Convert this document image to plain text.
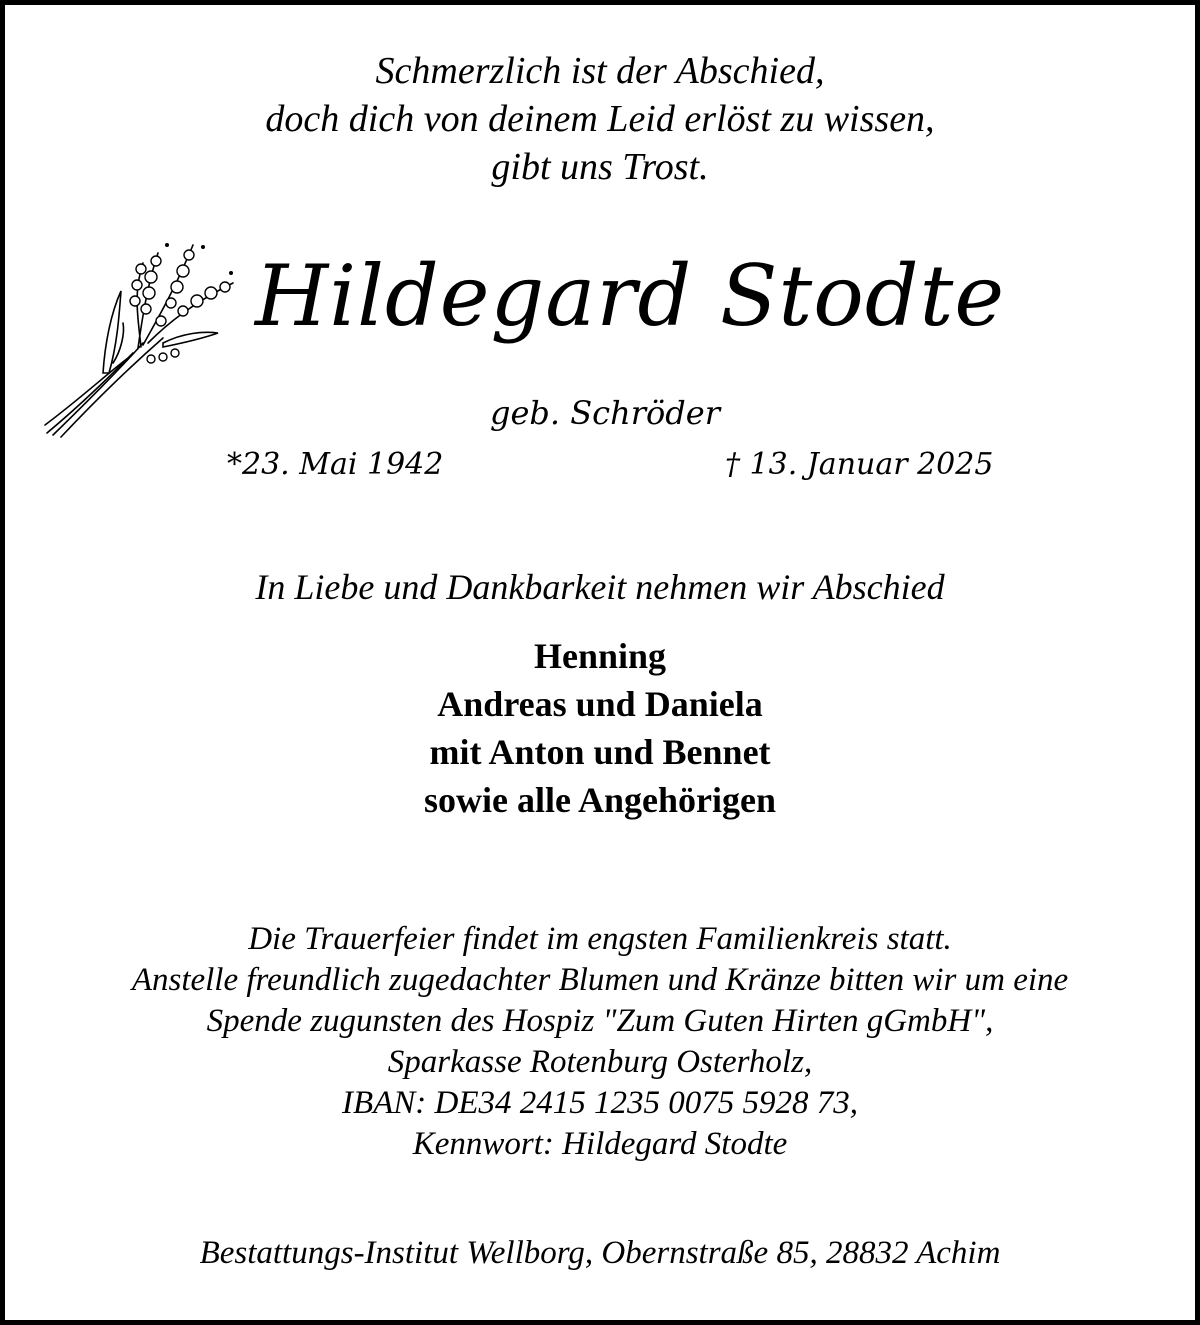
Schmerzlich ist der Abschied,
doch dich von deinem Leid erlöst zu wissen,
gibt uns Trost.
Hildegard Stodte
geb. Schröder
*23. Mai 1942	† 13. Januar 2025
In Liebe und Dankbarkeit nehmen wir Abschied
Henning
Andreas und Daniela
mit Anton und Bennet
sowie alle Angehörigen
Die Trauerfeier findet im engsten Familienkreis statt.
Anstelle freundlich zugedachter Blumen und Kränze bitten wir um eine
Spende zugunsten des Hospiz "Zum Guten Hirten gGmbH",
Sparkasse Rotenburg Osterholz,
IBAN: DE34 2415 1235 0075 5928 73,
Kennwort: Hildegard Stodte
Bestattungs-Institut Wellborg, Obernstraße 85, 28832 Achim
